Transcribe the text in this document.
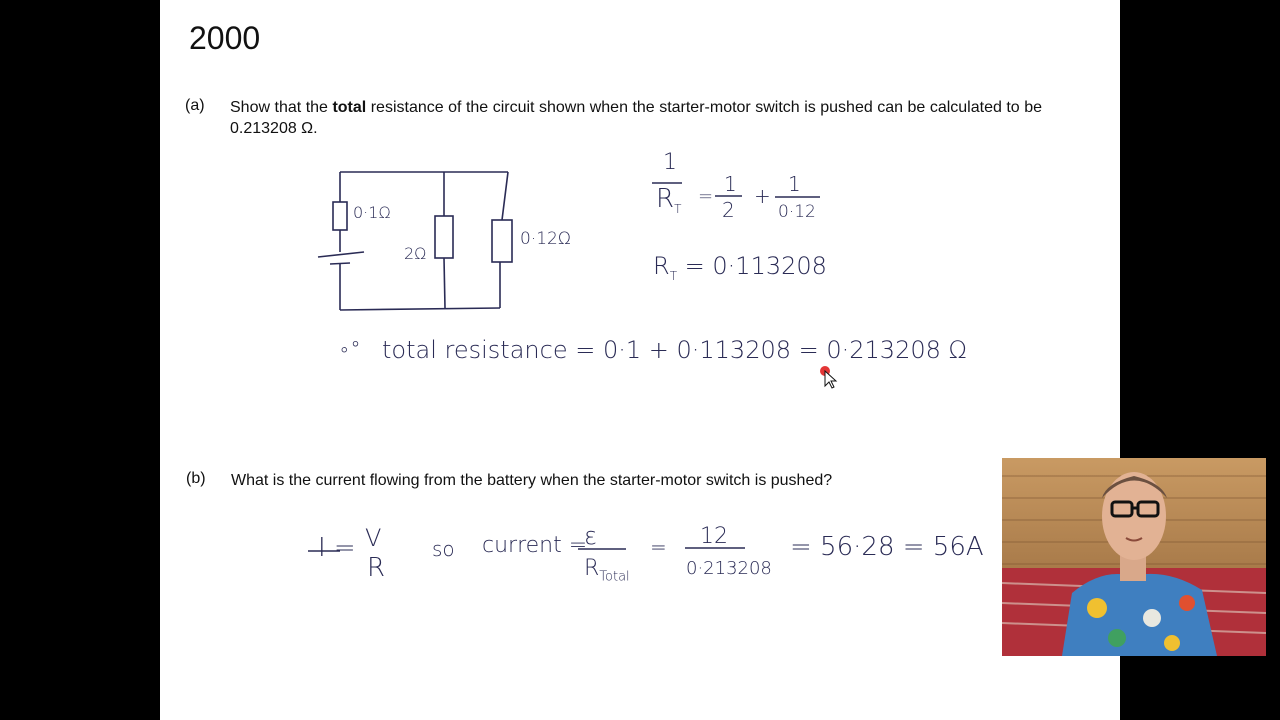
2000
(a) Show that the total resistance of the circuit shown when the starter-motor switch is pushed can be calculated to be 0.213208 Ω.
0·1Ω
2Ω
0·12Ω
1
$R_T$
=
1
2
+ 1
0·12
$R_T = 0\cdot 113208$
∘° total resistance = 0·1 + 0·113208 = 0·213208 Ω
(b) What is the current flowing from the battery when the starter-motor switch is pushed?
I = V
R
so current =
ε
$R_{Total}$
= 12
0·213208
= 56·28 = 56A
